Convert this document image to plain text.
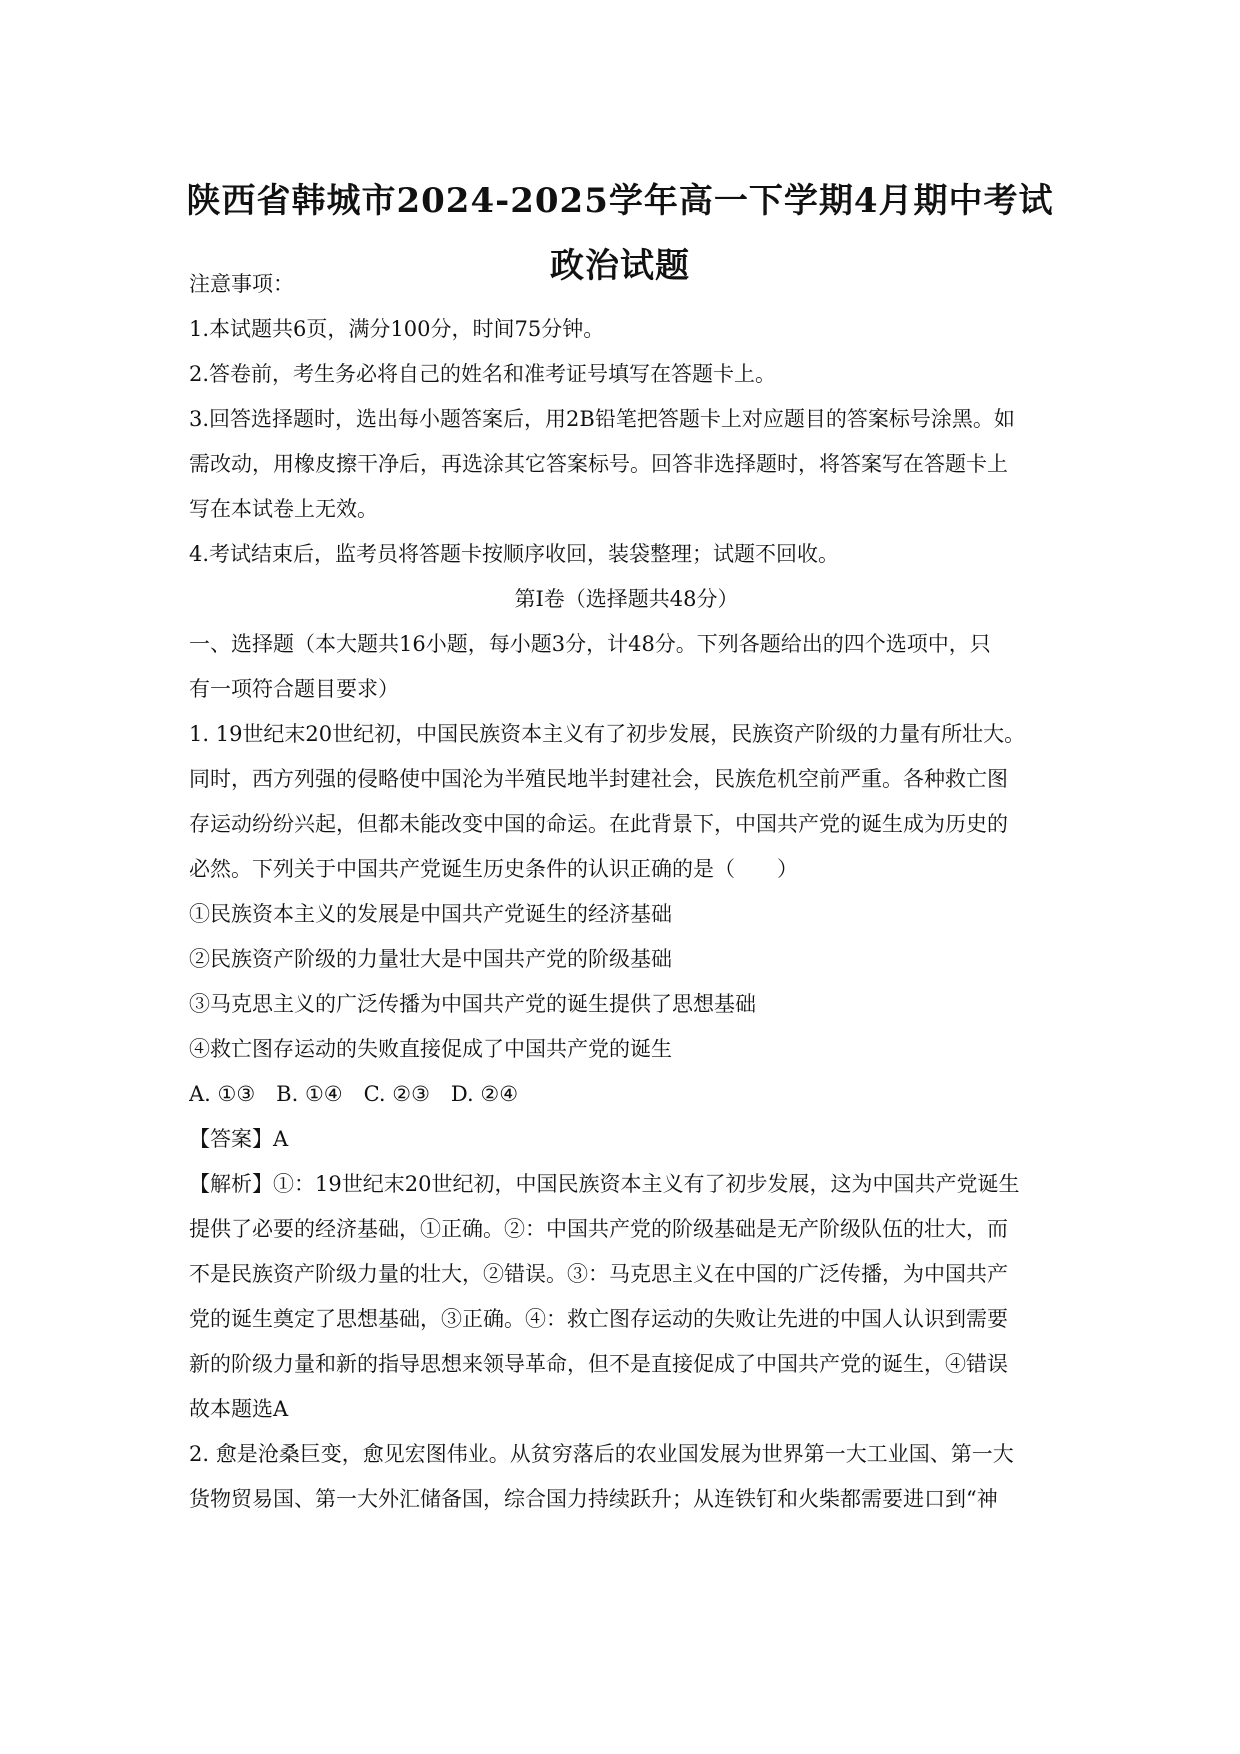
陕西省韩城市2024-2025学年高一下学期4月期中考试
政治试题
注意事项：
1.本试题共6页，满分100分，时间75分钟。
2.答卷前，考生务必将自己的姓名和准考证号填写在答题卡上。
3.回答选择题时，选出每小题答案后，用2B铅笔把答题卡上对应题目的答案标号涂黑。如
需改动，用橡皮擦干净后，再选涂其它答案标号。回答非选择题时，将答案写在答题卡上
写在本试卷上无效。
4.考试结束后，监考员将答题卡按顺序收回，装袋整理；试题不回收。
第Ⅰ卷（选择题共48分）
一、选择题（本大题共16小题，每小题3分，计48分。下列各题给出的四个选项中，只
有一项符合题目要求）
1. 19世纪末20世纪初，中国民族资本主义有了初步发展，民族资产阶级的力量有所壮大。
同时，西方列强的侵略使中国沦为半殖民地半封建社会，民族危机空前严重。各种救亡图
存运动纷纷兴起，但都未能改变中国的命运。在此背景下，中国共产党的诞生成为历史的
必然。下列关于中国共产党诞生历史条件的认识正确的是（　　）
①民族资本主义的发展是中国共产党诞生的经济基础
②民族资产阶级的力量壮大是中国共产党的阶级基础
③马克思主义的广泛传播为中国共产党的诞生提供了思想基础
④救亡图存运动的失败直接促成了中国共产党的诞生
A. ①③　B. ①④　C. ②③　D. ②④
【答案】A
【解析】①：19世纪末20世纪初，中国民族资本主义有了初步发展，这为中国共产党诞生
提供了必要的经济基础，①正确。②：中国共产党的阶级基础是无产阶级队伍的壮大，而
不是民族资产阶级力量的壮大，②错误。③：马克思主义在中国的广泛传播，为中国共产
党的诞生奠定了思想基础，③正确。④：救亡图存运动的失败让先进的中国人认识到需要
新的阶级力量和新的指导思想来领导革命，但不是直接促成了中国共产党的诞生，④错误
故本题选A
2. 愈是沧桑巨变，愈见宏图伟业。从贫穷落后的农业国发展为世界第一大工业国、第一大
货物贸易国、第一大外汇储备国，综合国力持续跃升；从连铁钉和火柴都需要进口到“神
